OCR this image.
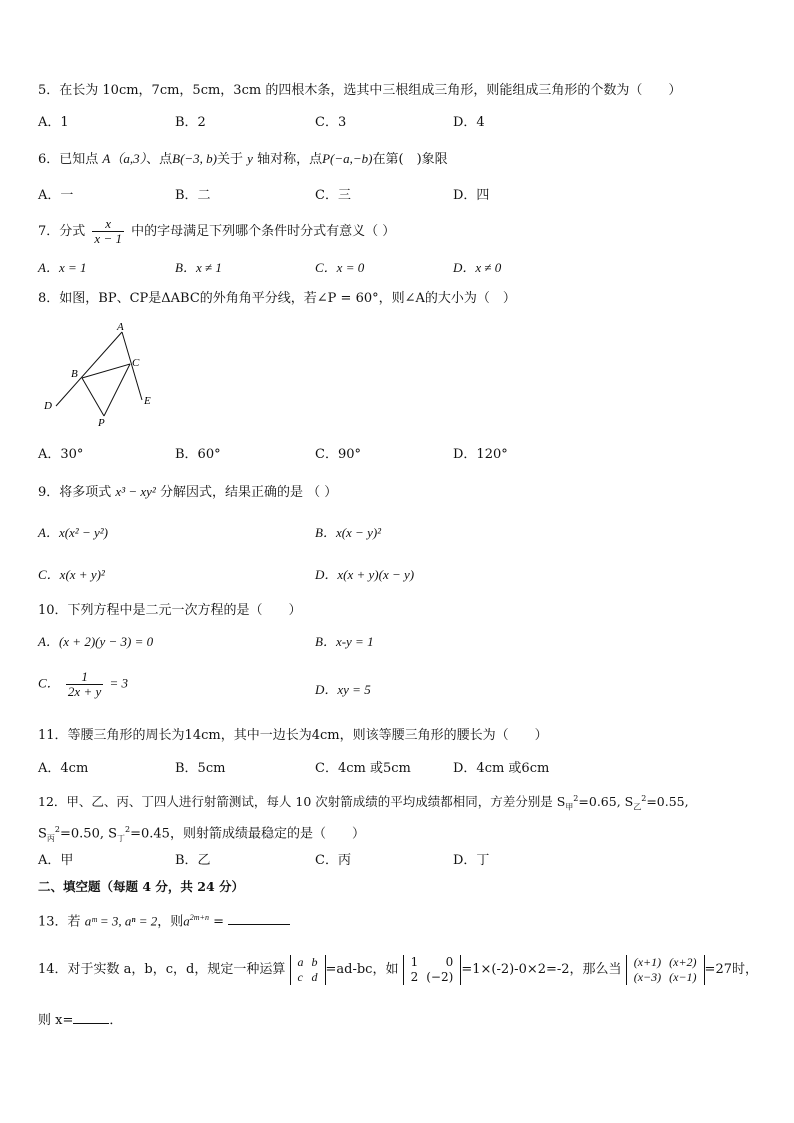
5．在长为 10cm，7cm，5cm，3cm 的四根木条，选其中三根组成三角形，则能组成三角形的个数为（　　）
A．1	B．2	C．3	D．4
6．已知点 A（a,3）、点B(−3, b)关于 y 轴对称，点P(−a,−b)在第(　)象限
A．一	B．二	C．三	D．四
7．分式 $\frac{x}{x - 1}$ 中的字母满足下列哪个条件时分式有意义（ ）
A．x = 1	B．x ≠ 1	C．x = 0	D．x ≠ 0
8．如图，BP、CP是ΔABC的外角角平分线，若∠P = 60°，则∠A的大小为（　）
A
B
C
D	E
P
A．30°	B．60°	C．90°	D．120°
9．将多项式 x³ − xy² 分解因式，结果正确的是 （ ）
A．x(x² − y²)	B．x(x − y)²
C．x(x + y)²	D．x(x + y)(x − y)
10．下列方程中是二元一次方程的是（　　）
A．(x + 2)(y − 3) = 0	B．x-y = 1
C． $\frac{1}{2x + y} = 3$	D．xy = 5
11．等腰三角形的周长为14cm，其中一边长为4cm，则该等腰三角形的腰长为（　　）
A．4cm	B．5cm	C．4cm 或5cm	D．4cm 或6cm
12．甲、乙、丙、丁四人进行射箭测试，每人 10 次射箭成绩的平均成绩都相同，方差分别是 $S_甲^2=0.65$, $S_乙^2=0.55$,
$S_丙^2=0.50$, $S_丁^2=0.45$，则射箭成绩最稳定的是（　　）
A．甲	B．乙	C．丙	D．丁
二、填空题（每题 4 分，共 24 分）
13．若 aᵐ = 3, aⁿ = 2，则$a^{2m+n}$ =
14．对于实数 a，b，c，d，规定一种运算
a	b
c	d =ad-bc，如
1	0
2	(−2) =1×(-2)-0×2=-2，那么当
(x+1)	(x+2)
(x−3)	(x−1) =27时，
则 x=	．
